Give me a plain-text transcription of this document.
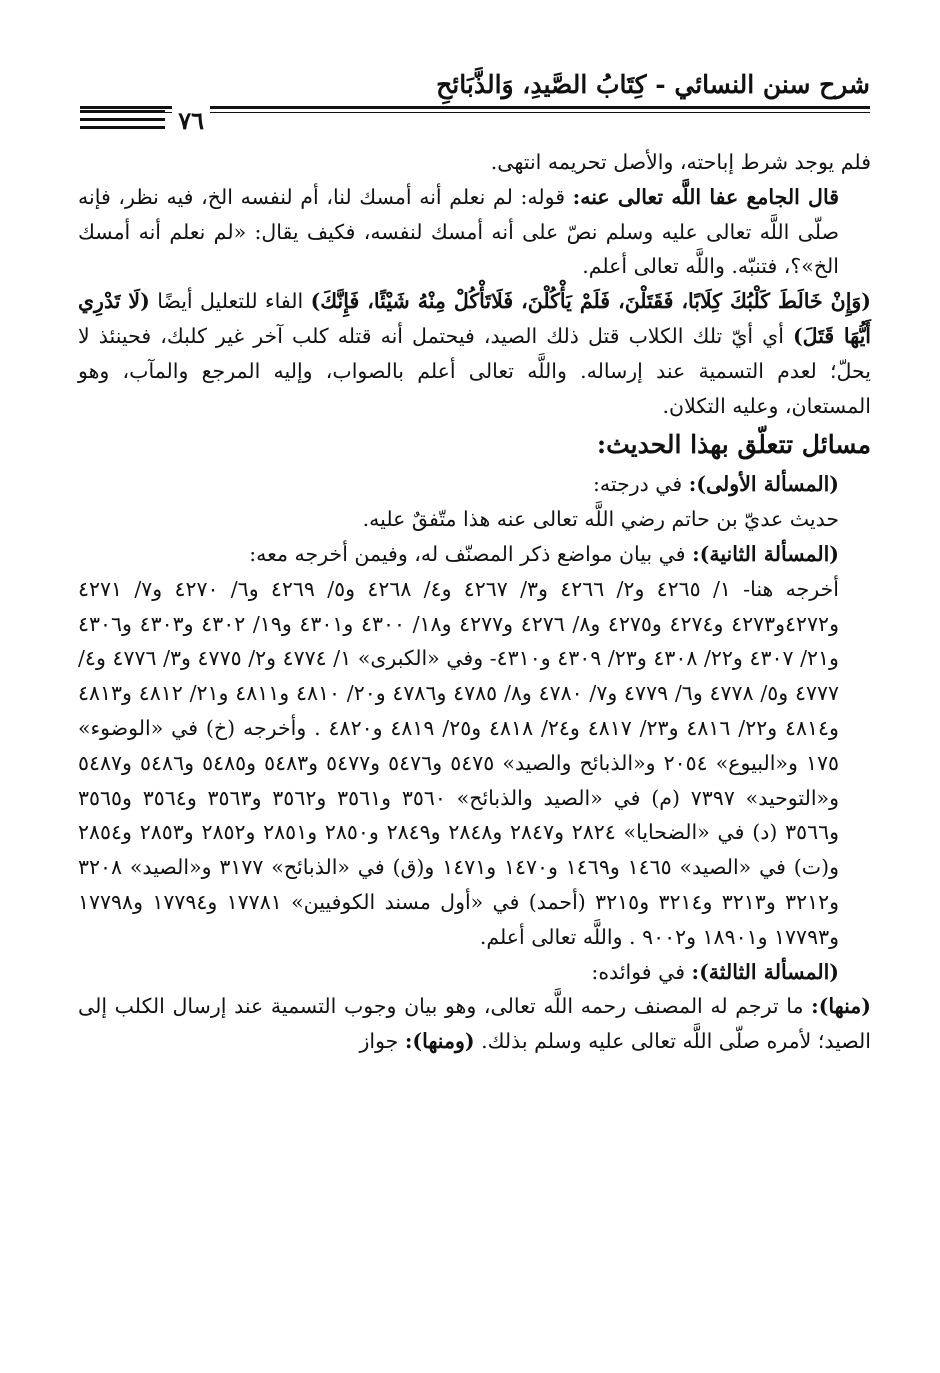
شرح سنن النسائي - كِتَابُ الصَّيدِ، وَالذَّبَائحِ
٧٦

فلم يوجد شرط إباحته، والأصل تحريمه انتهى.

قال الجامع عفا اللَّه تعالى عنه: قوله: لم نعلم أنه أمسك لنا، أم لنفسه الخ، فيه نظر، فإنه صلّى اللَّه تعالى عليه وسلم نصّ على أنه أمسك لنفسه، فكيف يقال: «لم نعلم أنه أمسك الخ»؟، فتنبّه. واللَّه تعالى أعلم.

(وَإِنْ خَالَطَ كَلْبُكَ كِلَابًا، فَقَتَلْنَ، فَلَمْ يَأْكُلْنَ، فَلَاتَأْكُلْ مِنْهُ شَيْئًا، فَإِنَّكَ) الفاء للتعليل أيضًا (لَا تَدْرِي أَيُّهَا قَتَلَ) أي أيّ تلك الكلاب قتل ذلك الصيد، فيحتمل أنه قتله كلب آخر غير كلبك، فحينئذ لا يحلّ؛ لعدم التسمية عند إرساله. واللَّه تعالى أعلم بالصواب، وإليه المرجع والمآب، وهو المستعان، وعليه التكلان.

مسائل تتعلّق بهذا الحديث:

(المسألة الأولى): في درجته:

حديث عديّ بن حاتم رضي اللَّه تعالى عنه هذا متّفقٌ عليه.

(المسألة الثانية): في بيان مواضع ذكر المصنّف له، وفيمن أخرجه معه:

أخرجه هنا- ١/ ٤٢٦٥ و٢/ ٤٢٦٦ و٣/ ٤٢٦٧ و٤/ ٤٢٦٨ و٥/ ٤٢٦٩ و٦/ ٤٢٧٠ و٧/ ٤٢٧١ و٤٢٧٢و٤٢٧٣ و٤٢٧٤ و٤٢٧٥ و٨/ ٤٢٧٦ و٤٢٧٧ و١٨/ ٤٣٠٠ و٤٣٠١ و١٩/ ٤٣٠٢ و٤٣٠٣ و٤٣٠٦ و٢١/ ٤٣٠٧ و٢٢/ ٤٣٠٨ و٢٣/ ٤٣٠٩ و٤٣١٠- وفي «الكبرى» ١/ ٤٧٧٤ و٢/ ٤٧٧٥ و٣/ ٤٧٧٦ و٤/ ٤٧٧٧ و٥/ ٤٧٧٨ و٦/ ٤٧٧٩ و٧/ ٤٧٨٠ و٨/ ٤٧٨٥ و٤٧٨٦ و٢٠/ ٤٨١٠ و٤٨١١ و٢١/ ٤٨١٢ و٤٨١٣ و٤٨١٤ و٢٢/ ٤٨١٦ و٢٣/ ٤٨١٧ و٢٤/ ٤٨١٨ و٢٥/ ٤٨١٩ و٤٨٢٠ . وأخرجه (خ) في «الوضوء» ١٧٥ و«البيوع» ٢٠٥٤ و«الذبائح والصيد» ٥٤٧٥ و٥٤٧٦ و٥٤٧٧ و٥٤٨٣ و٥٤٨٥ و٥٤٨٦ و٥٤٨٧ و«التوحيد» ٧٣٩٧ (م) في «الصيد والذبائح» ٣٥٦٠ و٣٥٦١ و٣٥٦٢ و٣٥٦٣ و٣٥٦٤ و٣٥٦٥ و٣٥٦٦ (د) في «الضحايا» ٢٨٢٤ و٢٨٤٧ و٢٨٤٨ و٢٨٤٩ و٢٨٥٠ و٢٨٥١ و٢٨٥٢ و٢٨٥٣ و٢٨٥٤ و(ت) في «الصيد» ١٤٦٥ و١٤٦٩ و١٤٧٠ و١٤٧١ و(ق) في «الذبائح» ٣١٧٧ و«الصيد» ٣٢٠٨ و٣٢١٢ و٣٢١٣ و٣٢١٤ و٣٢١٥ (أحمد) في «أول مسند الكوفيين» ١٧٧٨١ و١٧٧٩٤ و١٧٧٩٨ و١٧٧٩٣ و١٨٩٠١ و٩٠٠٢ . واللَّه تعالى أعلم.

(المسألة الثالثة): في فوائده:

(منها): ما ترجم له المصنف رحمه اللَّه تعالى، وهو بيان وجوب التسمية عند إرسال الكلب إلى الصيد؛ لأمره صلّى اللَّه تعالى عليه وسلم بذلك. (ومنها): جواز
